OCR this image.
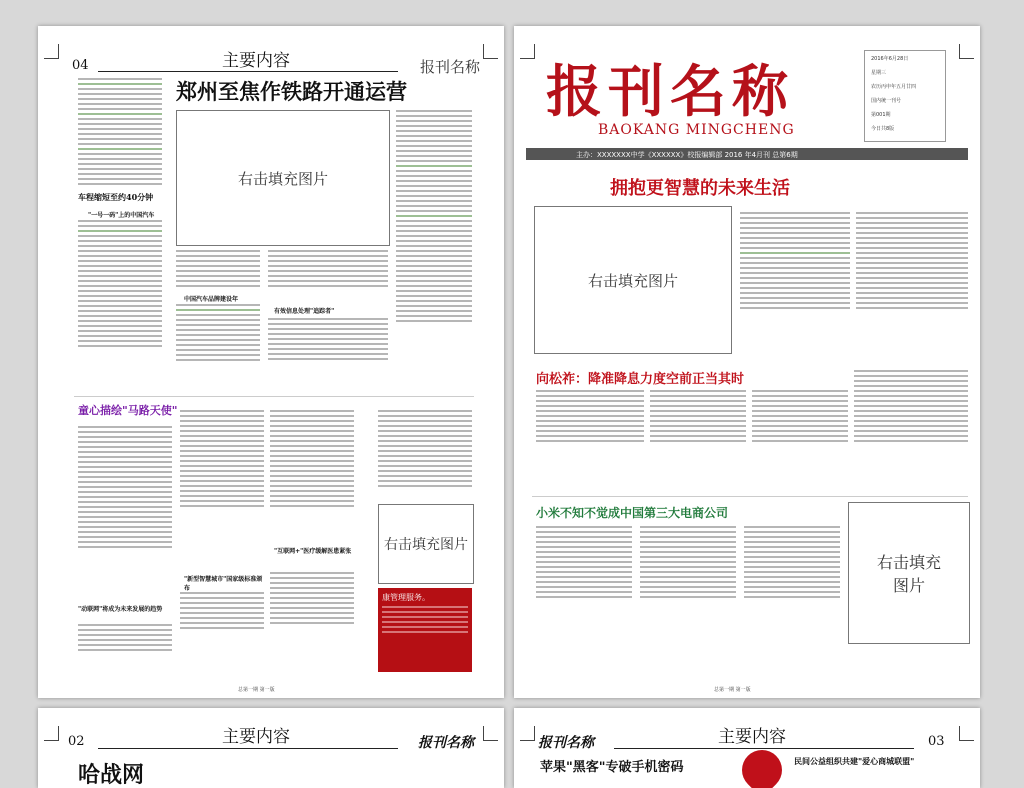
04	主要内容	报刊名称
车程缩短至约40分钟
"一号一码"上的中国汽车
郑州至焦作铁路开通运营
右击填充图片
中国汽车品牌建设年
有效信息处理"追踪者"
童心描绘"马路天使"
"动联网"将成为未来发展的趋势
"新型智慧城市"国家级标准颁布
"互联网+"医疗缓解医患紧张 右击填充图片
康管理服务。
总第一期 第一版
报刊名称
BAOKANG MINGCHENG
2016年6月28日
星期三
农历丙申年五月廿四
国内统一刊号
第001期
今日共8版
主办：XXXXXXX中学《XXXXXX》校报编辑部 2016 年4月刊 总第6期
拥抱更智慧的未来生活
右击填充图片
向松祚：降准降息力度空前正当其时
小米不知不觉成中国第三大电商公司
右击填充
图片
总第一期 第一版
02	主要内容	报刊名称
哈战网
报刊名称	主要内容	03
苹果"黑客"专破手机密码	民间公益组织共建"爱心商城联盟"
